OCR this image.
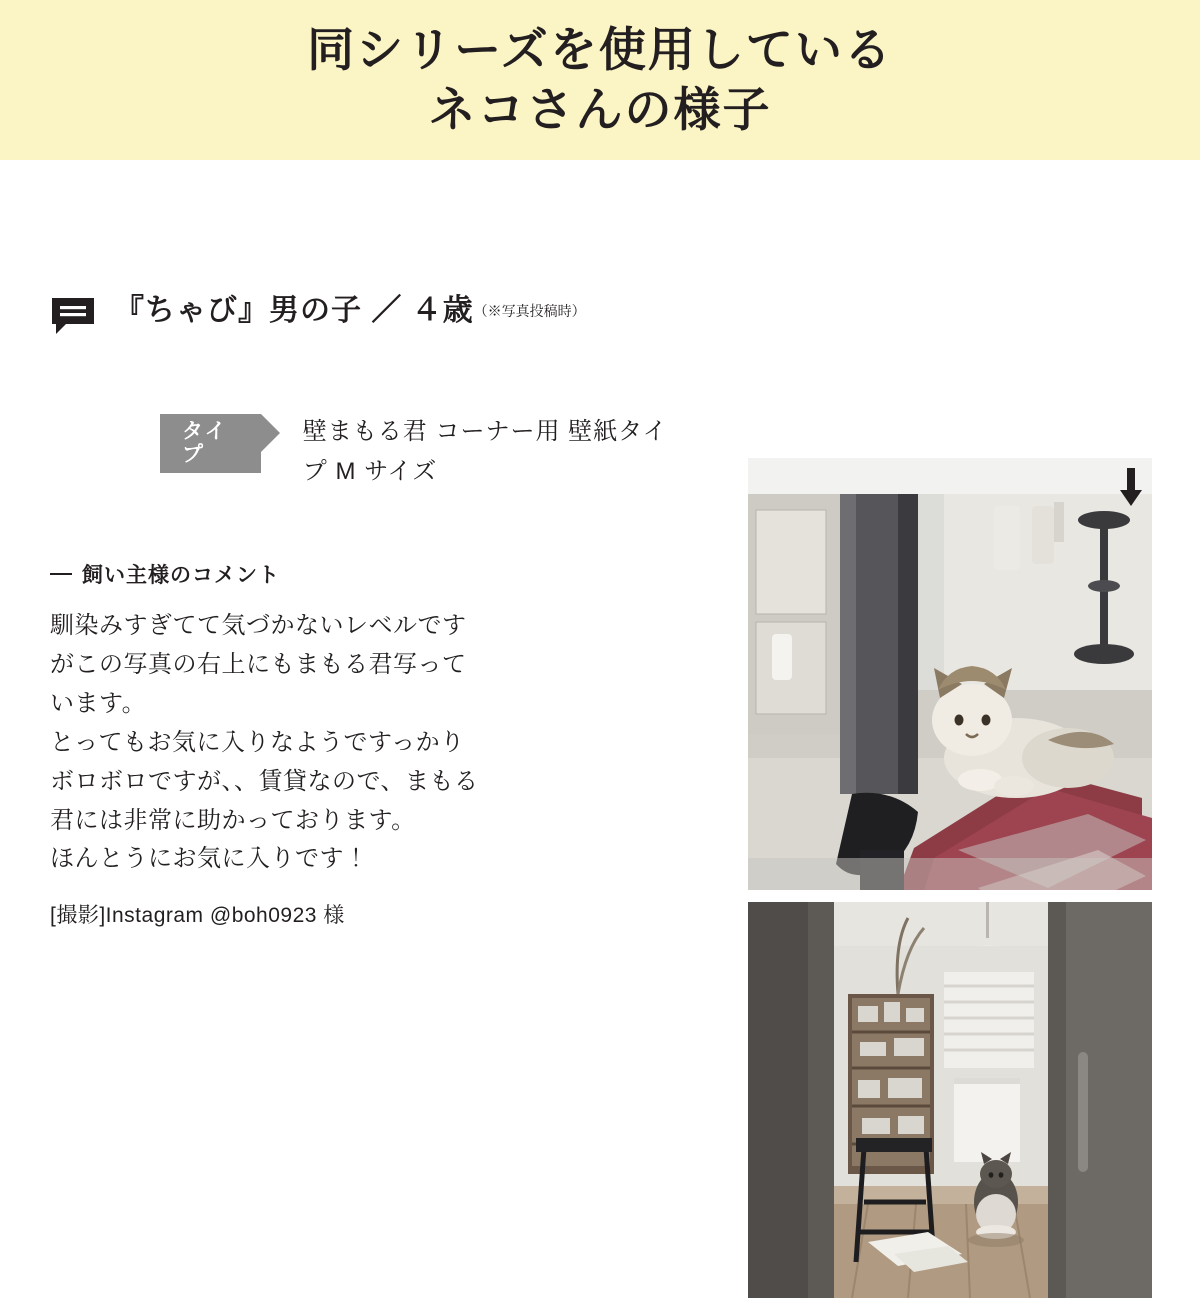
同シリーズを使用している
ネコさんの様子
『ちゃび』男の子 ／ ４歳（※写真投稿時）
タイプ
壁まもる君 コーナー用 壁紙タイプ M サイズ
飼い主様のコメント
馴染みすぎてて気づかないレベルです
がこの写真の右上にもまもる君写って
います。
とってもお気に入りなようですっかり
ボロボロですが、、賃貸なので、まもる
君には非常に助かっております。
ほんとうにお気に入りです！
[撮影]Instagram @boh0923 様
